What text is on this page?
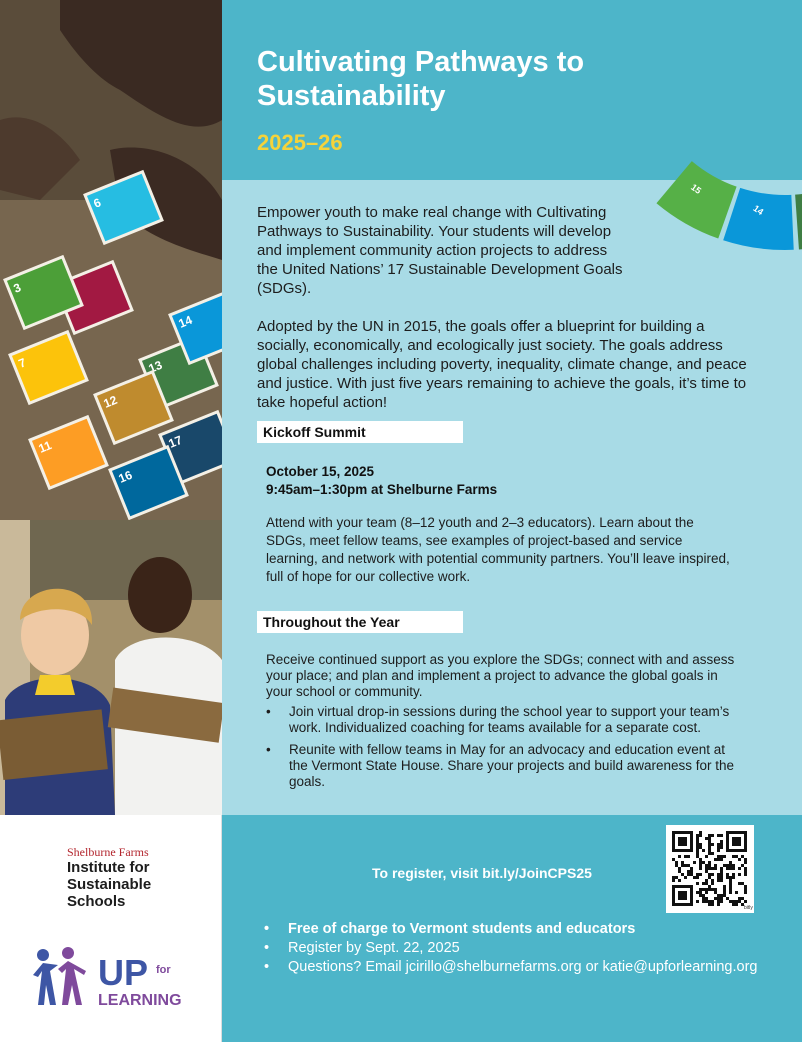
13
12
14
17
16
11
3
7
6
Cultivating Pathways to Sustainability
2025–26

Empower youth to make real change with Cultivating Pathways to Sustainability. Your students will develop and implement community action projects to address the United Nations’ 17 Sustainable Development Goals (SDGs).

Adopted by the UN in 2015, the goals offer a blueprint for building a socially, economically, and ecologically just society. The goals address global challenges including poverty, inequality, climate change, and peace and justice. With just five years remaining to achieve the goals, it’s time to take hopeful action!

Kickoff Summit
October 15, 2025
9:45am–1:30pm at Shelburne Farms

Attend with your team (8–12 youth and 2–3 educators). Learn about the SDGs, meet fellow teams, see examples of project-based and service learning, and network with potential community partners. You’ll leave inspired, full of hope for our collective work.

Throughout the Year

Receive continued support as you explore the SDGs; connect with and assess your place; and plan and implement a project to advance the global goals in your school or community.

• Join virtual drop-in sessions during the school year to support your team’s work. Individualized coaching for teams available for a separate cost.
• Reunite with fellow teams in May for an advocacy and education event at the Vermont State House. Share your projects and build awareness for the goals.
15
14
Shelburne Farms
Institute for Sustainable Schools
UP for
LEARNING
To register, visit bit.ly/JoinCPS25
bitly
• Free of charge to Vermont students and educators
• Register by Sept. 22, 2025
• Questions? Email jcirillo@shelburnefarms.org or katie@upforlearning.org
